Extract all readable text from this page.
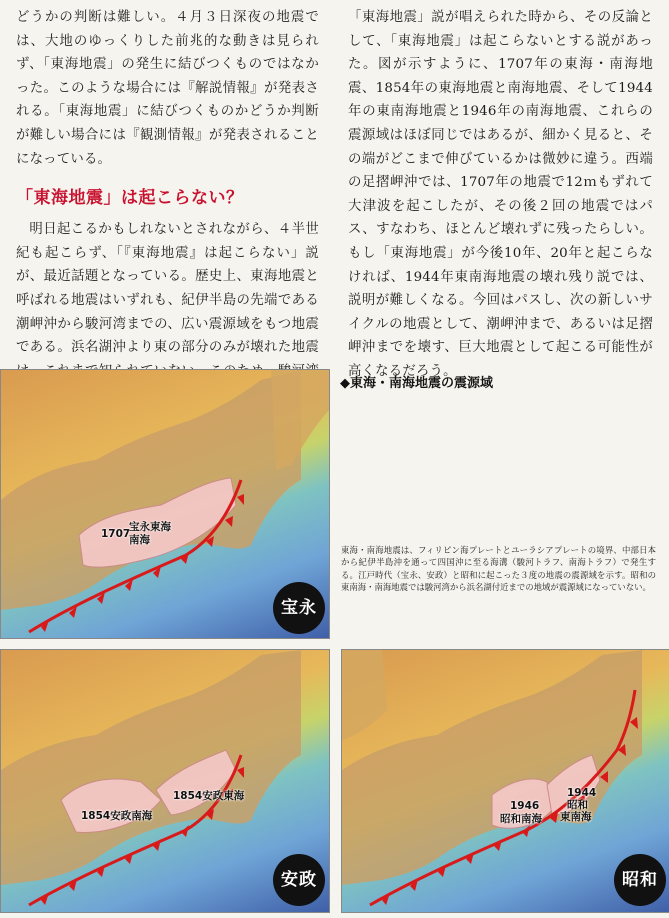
どうかの判断は難しい。４月３日深夜の地震では、大地のゆっくりした前兆的な動きは見られず、「東海地震」の発生に結びつくものではなかった。このような場合には『解説情報』が発表される。「東海地震」に結びつくものかどうか判断が難しい場合には『観測情報』が発表されることになっている。

「東海地震」は起こらない？

明日起こるかもしれないとされながら、４半世紀も起こらず、「『東海地震』は起こらない」説が、最近話題となっている。歴史上、東海地震と呼ばれる地震はいずれも、紀伊半島の先端である潮岬沖から駿河湾までの、広い震源域をもつ地震である。浜名湖沖より東の部分のみが壊れた地震

「東海地震」説が唱えられた時から、その反論として、「東海地震」は起こらないとする説があった。図が示すように、1707年の東海・南海地震、1854年の東海地震と南海地震、そして1944年の東南海地震と1946年の南海地震、これらの震源域はほぼ同じではあるが、細かく見ると、その端がどこまで伸びているかは微妙に違う。西端の足摺岬沖では、1707年の地震で12ｍもずれて大津波を起こしたが、その後２回の地震ではパス、すなわち、ほとんど壊れずに残ったらしい。もし「東海地震」が今後10年、20年と起こらなければ、1944年東南海地震の壊れ残り説では、説明が難しくなる。今回はパスし、次の新しいサイクルの地震として、潮岬沖まで、あるいは足摺岬沖までを壊す、巨大地震として起こる可能性が高くなるだろう。

1707
宝永東海
南海
宝永
◆東海・南海地震の震源域
東海・南海地震は、フィリピン海プレートとユーラシアプレートの境界、中部日本から紀伊半島沖を通って四国沖に至る海溝（駿河トラフ、南海トラフ）で発生する。江戸時代（宝永、安政）と昭和に起こった３度の地震の震源域を示す。昭和の東南海・南海地震では駿河湾から浜名湖付近までの地域が震源域になっていない。
1854安政東海
1854安政南海
安政
1946
昭和南海
1944
昭和
東南海
昭和
